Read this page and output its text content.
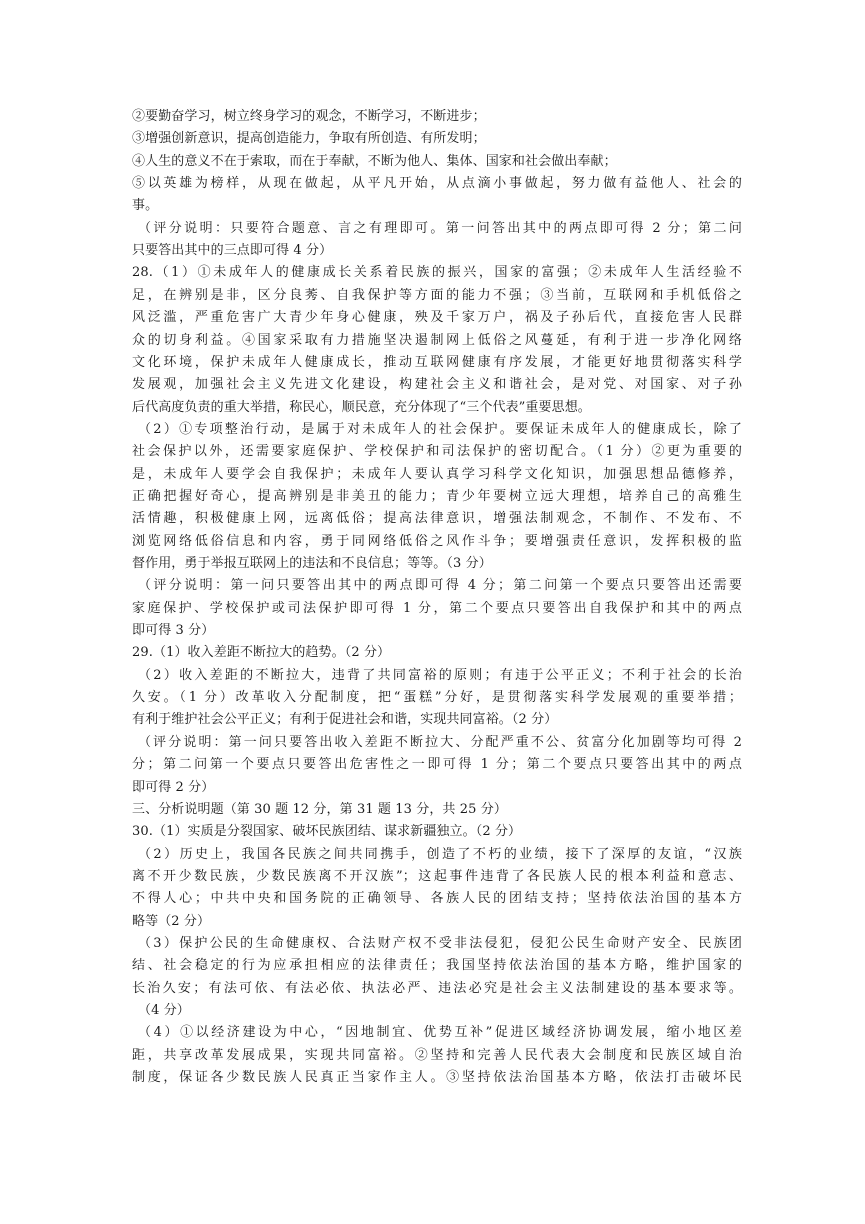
②要勤奋学习，树立终身学习的观念，不断学习，不断进步；
③增强创新意识，提高创造能力，争取有所创造、有所发明；
④人生的意义不在于索取，而在于奉献，不断为他人、集体、国家和社会做出奉献；
⑤以英雄为榜样，从现在做起，从平凡开始，从点滴小事做起，努力做有益他人、社会的
事。
（评分说明：只要符合题意、言之有理即可。第一问答出其中的两点即可得 2 分；第二问
只要答出其中的三点即可得 4 分）
28.（1）①未成年人的健康成长关系着民族的振兴，国家的富强；②未成年人生活经验不
足，在辨别是非，区分良莠、自我保护等方面的能力不强；③当前，互联网和手机低俗之
风泛滥，严重危害广大青少年身心健康，殃及千家万户，祸及子孙后代，直接危害人民群
众的切身利益。④国家采取有力措施坚决遏制网上低俗之风蔓延，有利于进一步净化网络
文化环境，保护未成年人健康成长，推动互联网健康有序发展，才能更好地贯彻落实科学
发展观，加强社会主义先进文化建设，构建社会主义和谐社会，是对党、对国家、对子孙
后代高度负责的重大举措，称民心，顺民意，充分体现了“三个代表”重要思想。
（2）①专项整治行动，是属于对未成年人的社会保护。要保证未成年人的健康成长，除了
社会保护以外，还需要家庭保护、学校保护和司法保护的密切配合。（1 分）②更为重要的
是，未成年人要学会自我保护；未成年人要认真学习科学文化知识，加强思想品德修养，
正确把握好奇心，提高辨别是非美丑的能力；青少年要树立远大理想，培养自己的高雅生
活情趣，积极健康上网，远离低俗；提高法律意识，增强法制观念，不制作、不发布、不
浏览网络低俗信息和内容，勇于同网络低俗之风作斗争；要增强责任意识，发挥积极的监
督作用，勇于举报互联网上的违法和不良信息；等等。（3 分）
（评分说明：第一问只要答出其中的两点即可得 4 分；第二问第一个要点只要答出还需要
家庭保护、学校保护或司法保护即可得 1 分，第二个要点只要答出自我保护和其中的两点
即可得 3 分）
29.（1）收入差距不断拉大的趋势。（2 分）
（2）收入差距的不断拉大，违背了共同富裕的原则；有违于公平正义；不利于社会的长治
久安。（1 分）改革收入分配制度，把“蛋糕”分好，是贯彻落实科学发展观的重要举措；
有利于维护社会公平正义；有利于促进社会和谐，实现共同富裕。（2 分）
（评分说明：第一问只要答出收入差距不断拉大、分配严重不公、贫富分化加剧等均可得 2
分；第二问第一个要点只要答出危害性之一即可得 1 分；第二个要点只要答出其中的两点
即可得 2 分）
三、分析说明题（第 30 题 12 分，第 31 题 13 分，共 25 分）
30.（1）实质是分裂国家、破坏民族团结、谋求新疆独立。（2 分）
（2）历史上，我国各民族之间共同携手，创造了不朽的业绩，接下了深厚的友谊，“汉族
离不开少数民族，少数民族离不开汉族”；这起事件违背了各民族人民的根本利益和意志、
不得人心；中共中央和国务院的正确领导、各族人民的团结支持；坚持依法治国的基本方
略等（2 分）
（3）保护公民的生命健康权、合法财产权不受非法侵犯，侵犯公民生命财产安全、民族团
结、社会稳定的行为应承担相应的法律责任；我国坚持依法治国的基本方略，维护国家的
长治久安；有法可依、有法必依、执法必严、违法必究是社会主义法制建设的基本要求等。
（4 分）
（4）①以经济建设为中心，“因地制宜、优势互补”促进区域经济协调发展，缩小地区差
距，共享改革发展成果，实现共同富裕。②坚持和完善人民代表大会制度和民族区域自治
制度，保证各少数民族人民真正当家作主人。③坚持依法治国基本方略，依法打击破坏民
